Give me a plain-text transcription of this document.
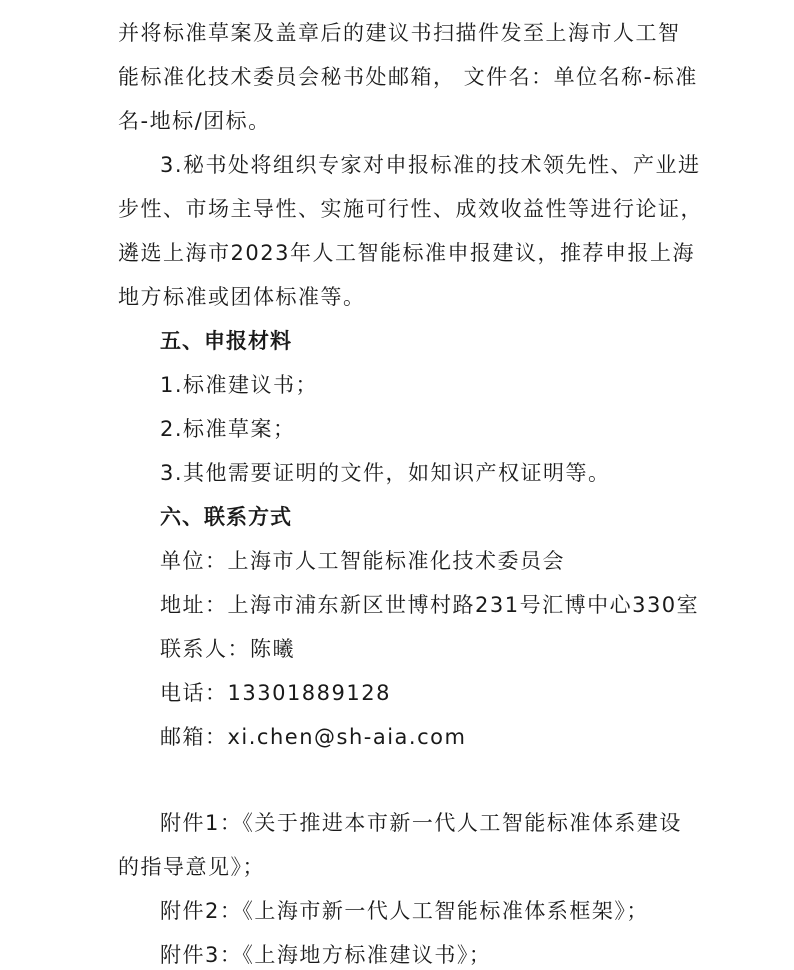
并将标准草案及盖章后的建议书扫描件发至上海市人工智
能标准化技术委员会秘书处邮箱， 文件名：单位名称-标准
名-地标/团标。
3.秘书处将组织专家对申报标准的技术领先性、产业进
步性、市场主导性、实施可行性、成效收益性等进行论证，
遴选上海市2023年人工智能标准申报建议，推荐申报上海
地方标准或团体标准等。
五、申报材料
1.标准建议书；
2.标准草案；
3.其他需要证明的文件，如知识产权证明等。
六、联系方式
单位：上海市人工智能标准化技术委员会
地址：上海市浦东新区世博村路231号汇博中心330室
联系人：陈曦
电话：13301889128
邮箱：xi.chen@sh-aia.com
附件1：《关于推进本市新一代人工智能标准体系建设
的指导意见》；
附件2：《上海市新一代人工智能标准体系框架》；
附件3：《上海地方标准建议书》；
